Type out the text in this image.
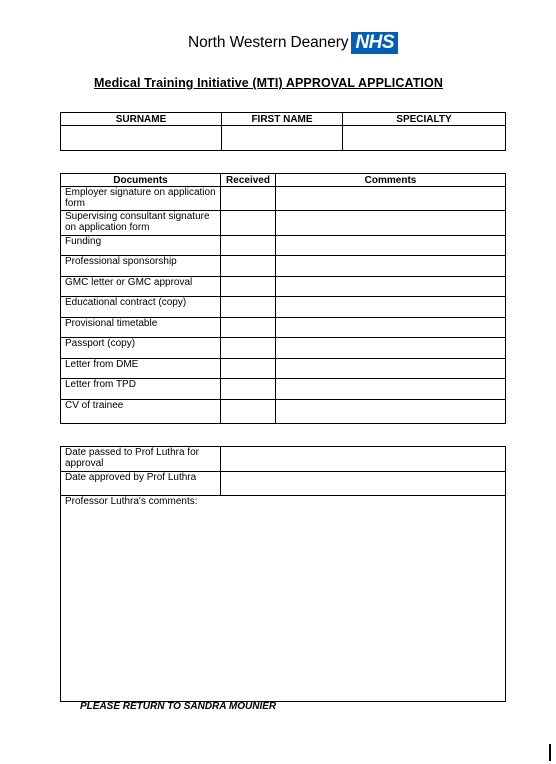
North Western Deanery NHS
Medical Training Initiative (MTI) APPROVAL APPLICATION
SURNAME	FIRST NAME	SPECIALTY

Documents	Received	Comments
Employer signature on application form		
Supervising consultant signature on application form		
Funding		
Professional sponsorship		
GMC letter or GMC approval		
Educational contract (copy)		
Provisional timetable		
Passport (copy)		
Letter from DME		
Letter from TPD		
CV of trainee		
Date passed to Prof Luthra for approval	
Date approved by Prof Luthra	
Professor Luthra's comments:	
PLEASE RETURN TO SANDRA MOUNIER
